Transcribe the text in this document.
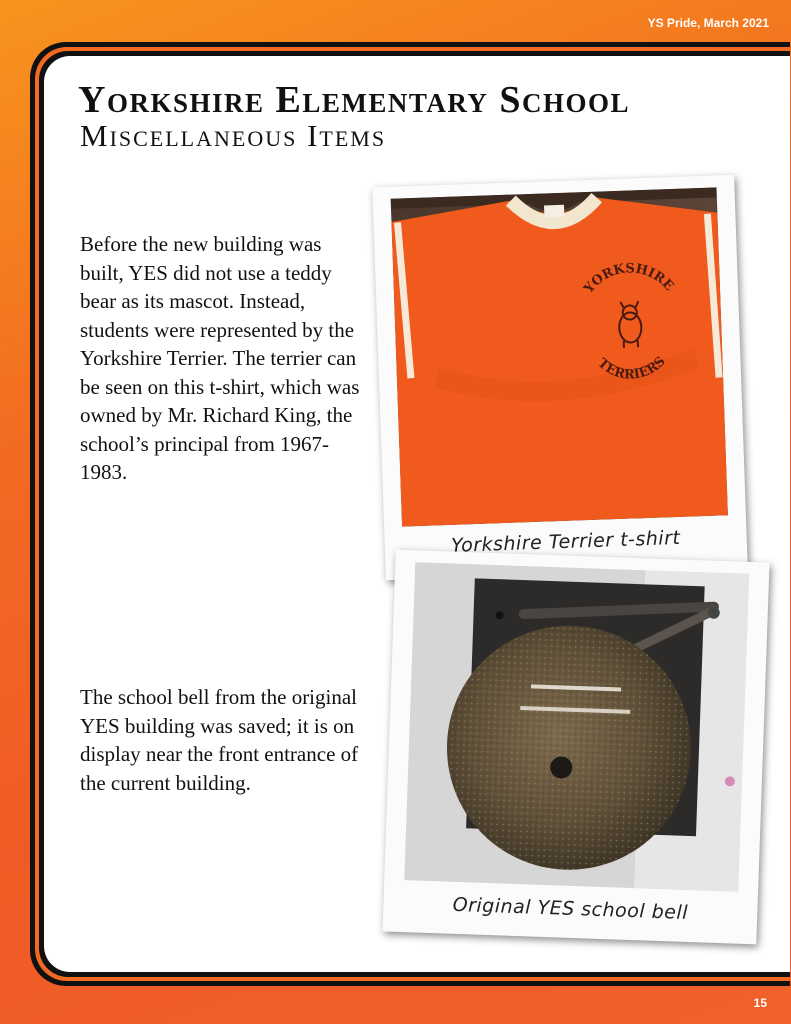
YS Pride, March 2021
Yorkshire Elementary School
Miscellaneous Items
Before the new building was built, YES did not use a teddy bear as its mascot. Instead, students were represented by the Yorkshire Terrier. The terrier can be seen on this t-shirt, which was owned by Mr. Richard King, the school’s principal from 1967-1983.
The school bell from the original YES building was saved; it is on display near the front entrance of the current building.
YORKSHIRE
TERRIERS
Yorkshire Terrier t-shirt
Original YES school bell
15
